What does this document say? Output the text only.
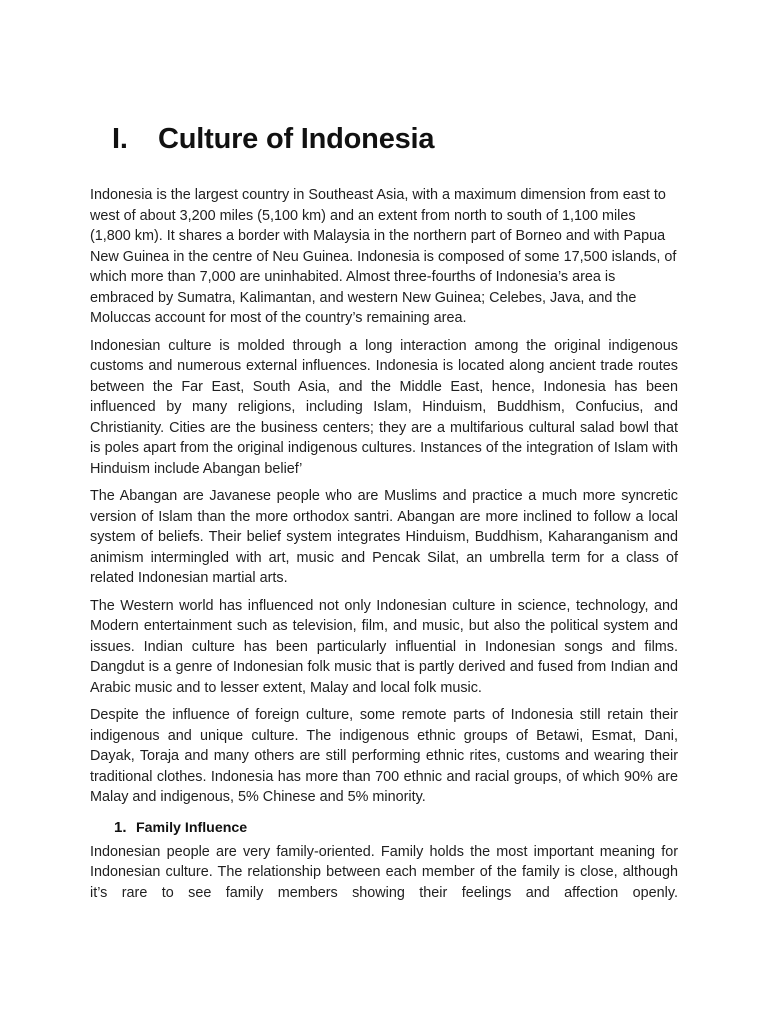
I. Culture of Indonesia

Indonesia is the largest country in Southeast Asia, with a maximum dimension from east to west of about 3,200 miles (5,100 km) and an extent from north to south of 1,100 miles (1,800 km). It shares a border with Malaysia in the northern part of Borneo and with Papua New Guinea in the centre of Neu Guinea. Indonesia is composed of some 17,500 islands, of which more than 7,000 are uninhabited. Almost three-fourths of Indonesia’s area is embraced by Sumatra, Kalimantan, and western New Guinea; Celebes, Java, and the Moluccas account for most of the country’s remaining area.

Indonesian culture is molded through a long interaction among the original indigenous customs and numerous external influences. Indonesia is located along ancient trade routes between the Far East, South Asia, and the Middle East, hence, Indonesia has been influenced by many religions, including Islam, Hinduism, Buddhism, Confucius, and Christianity. Cities are the business centers; they are a multifarious cultural salad bowl that is poles apart from the original indigenous cultures. Instances of the integration of Islam with Hinduism include Abangan belief’

The Abangan are Javanese people who are Muslims and practice a much more syncretic version of Islam than the more orthodox santri. Abangan are more inclined to follow a local system of beliefs. Their belief system integrates Hinduism, Buddhism, Kaharanganism and animism intermingled with art, music and Pencak Silat, an umbrella term for a class of related Indonesian martial arts.

The Western world has influenced not only Indonesian culture in science, technology, and Modern entertainment such as television, film, and music, but also the political system and issues. Indian culture has been particularly influential in Indonesian songs and films. Dangdut is a genre of Indonesian folk music that is partly derived and fused from Indian and Arabic music and to lesser extent, Malay and local folk music.

Despite the influence of foreign culture, some remote parts of Indonesia still retain their indigenous and unique culture. The indigenous ethnic groups of Betawi, Esmat, Dani, Dayak, Toraja and many others are still performing ethnic rites, customs and wearing their traditional clothes. Indonesia has more than 700 ethnic and racial groups, of which 90% are Malay and indigenous, 5% Chinese and 5% minority.

1. Family Influence

Indonesian people are very family-oriented. Family holds the most important meaning for Indonesian culture. The relationship between each member of the family is close, although it’s rare to see family members showing their feelings and affection openly.
